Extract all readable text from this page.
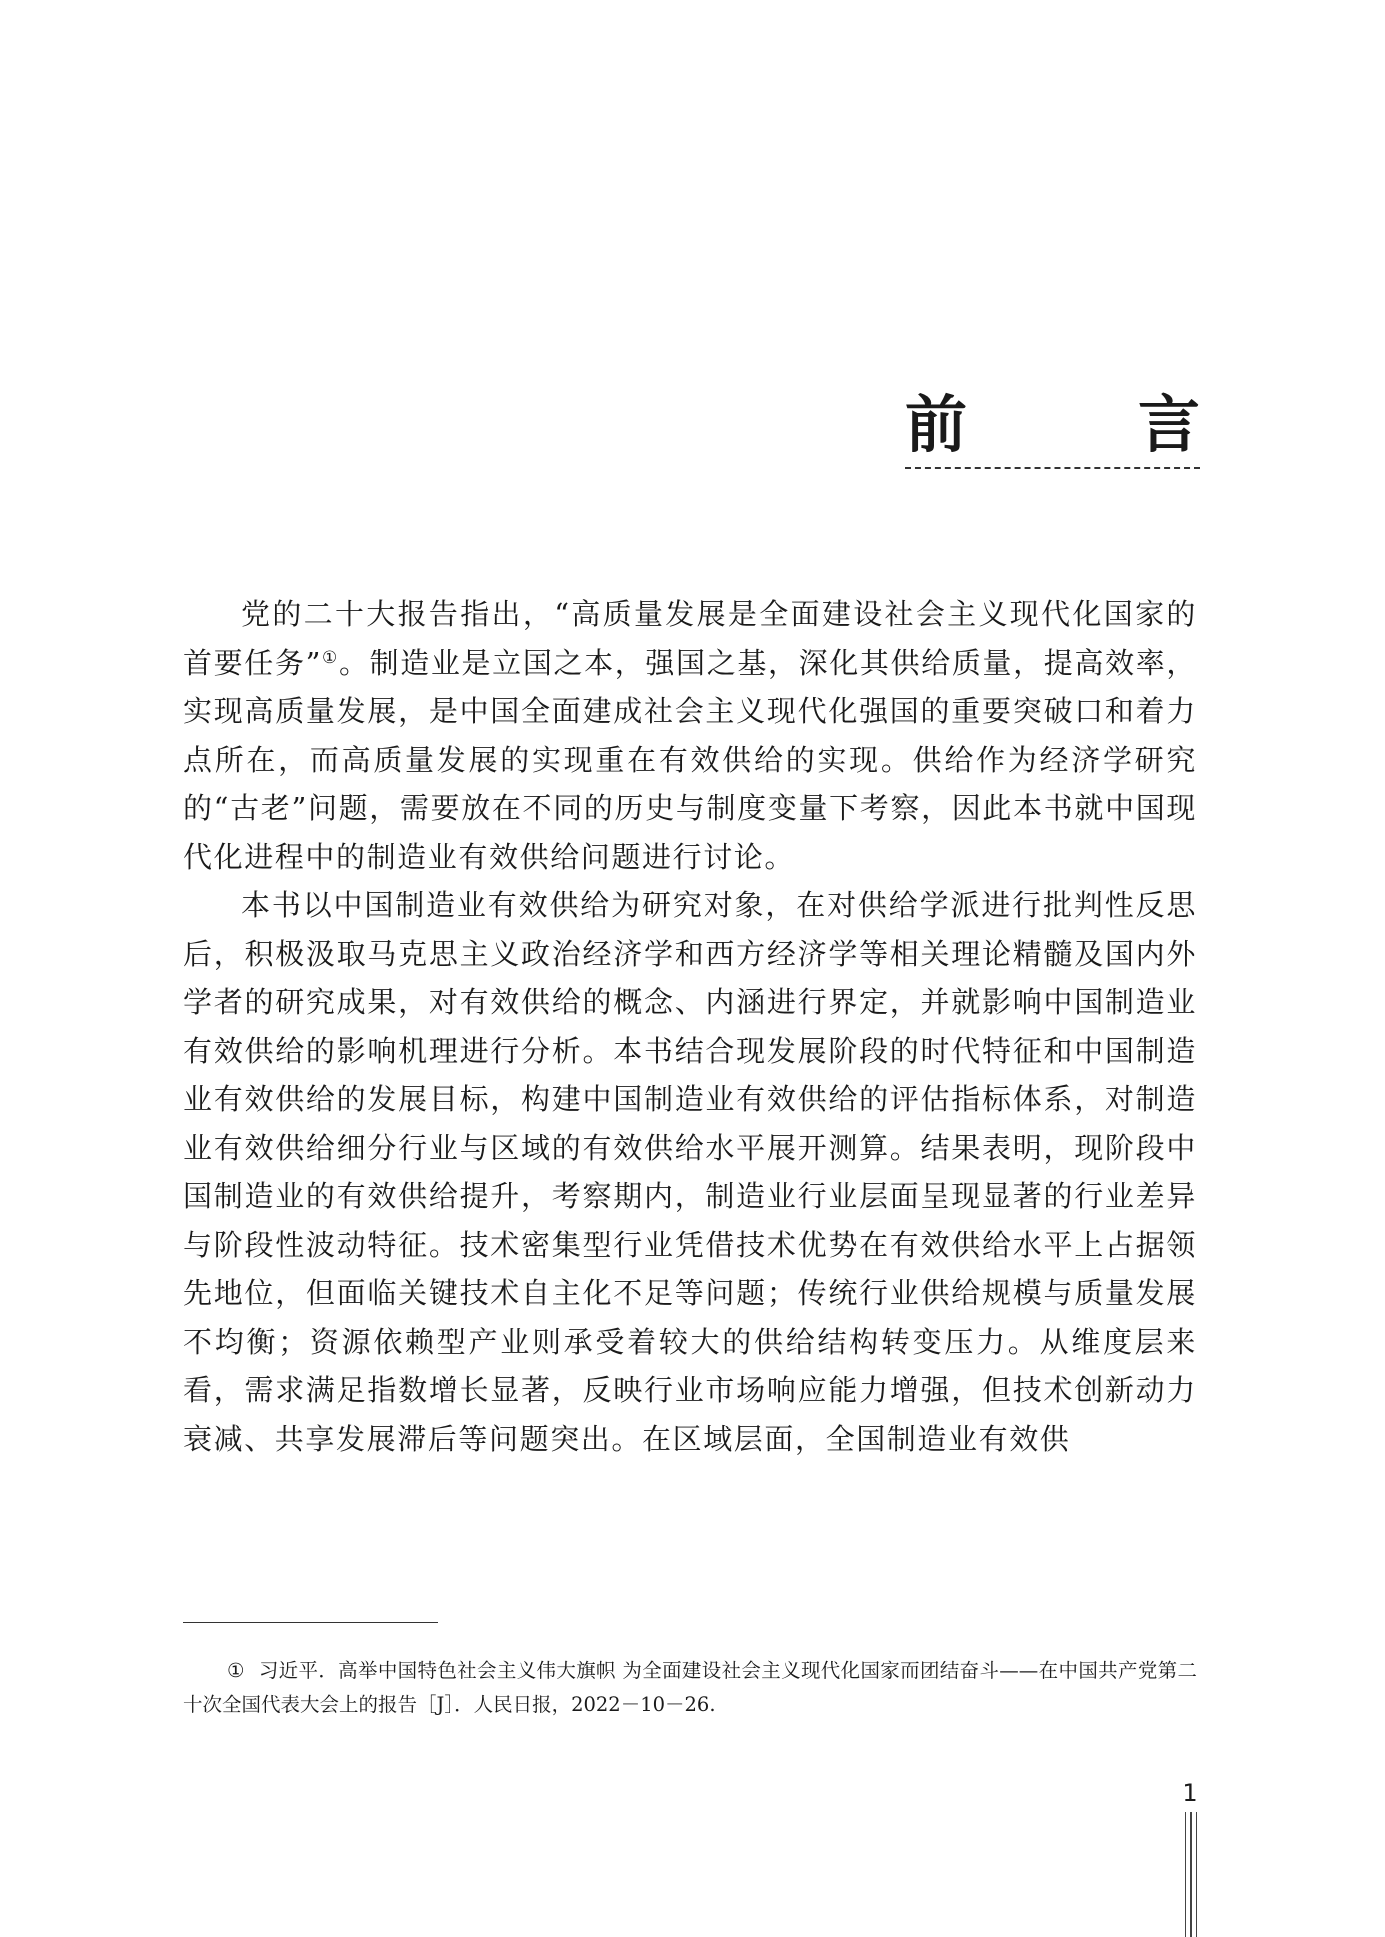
前	言

党的二十大报告指出，“高质量发展是全面建设社会主义现代化国家的首要任务”①。制造业是立国之本，强国之基，深化其供给质量，提高效率，实现高质量发展，是中国全面建成社会主义现代化强国的重要突破口和着力点所在，而高质量发展的实现重在有效供给的实现。供给作为经济学研究的“古老”问题，需要放在不同的历史与制度变量下考察，因此本书就中国现代化进程中的制造业有效供给问题进行讨论。

本书以中国制造业有效供给为研究对象，在对供给学派进行批判性反思后，积极汲取马克思主义政治经济学和西方经济学等相关理论精髓及国内外学者的研究成果，对有效供给的概念、内涵进行界定，并就影响中国制造业有效供给的影响机理进行分析。本书结合现发展阶段的时代特征和中国制造业有效供给的发展目标，构建中国制造业有效供给的评估指标体系，对制造业有效供给细分行业与区域的有效供给水平展开测算。结果表明，现阶段中国制造业的有效供给提升，考察期内，制造业行业层面呈现显著的行业差异与阶段性波动特征。技术密集型行业凭借技术优势在有效供给水平上占据领先地位，但面临关键技术自主化不足等问题；传统行业供给规模与质量发展不均衡；资源依赖型产业则承受着较大的供给结构转变压力。从维度层来看，需求满足指数增长显著，反映行业市场响应能力增强，但技术创新动力衰减、共享发展滞后等问题突出。在区域层面，全国制造业有效供

① 习近平．高举中国特色社会主义伟大旗帜 为全面建设社会主义现代化国家而团结奋斗——在中国共产党第二十次全国代表大会上的报告［J］．人民日报，2022－10－26.
1
